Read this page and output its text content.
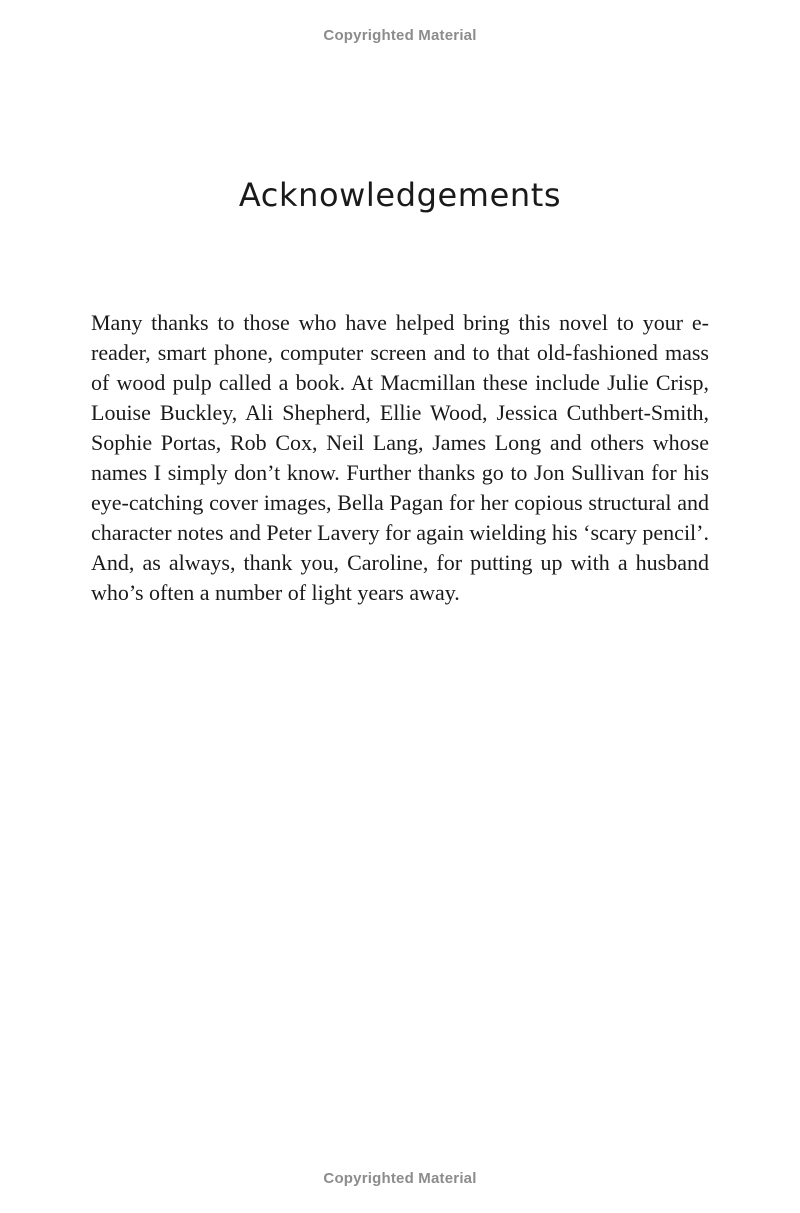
Copyrighted Material
Acknowledgements

Many thanks to those who have helped bring this novel to your e-reader, smart phone, computer screen and to that old-fashioned mass of wood pulp called a book. At Macmillan these include Julie Crisp, Louise Buckley, Ali Shepherd, Ellie Wood, Jessica Cuthbert-Smith, Sophie Portas, Rob Cox, Neil Lang, James Long and others whose names I simply don’t know. Further thanks go to Jon Sullivan for his eye-catching cover images, Bella Pagan for her copious structural and character notes and Peter Lavery for again wielding his ‘scary pencil’. And, as always, thank you, Caroline, for putting up with a husband who’s often a number of light years away.

Copyrighted Material
